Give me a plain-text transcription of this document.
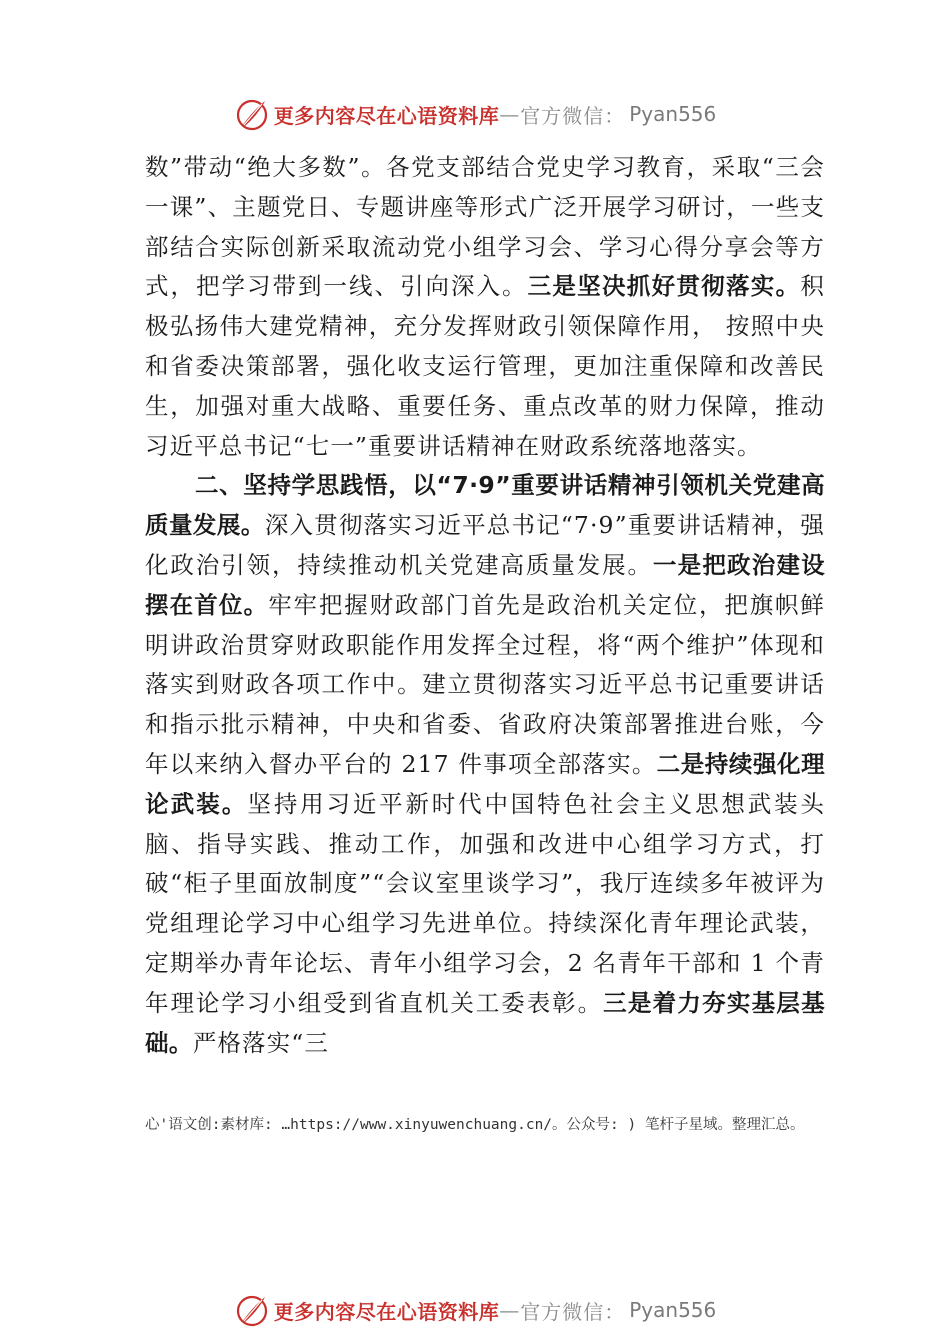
更多内容尽在心语资料库 — 官方微信： Pyan556

数”带动“绝大多数”。各党支部结合党史学习教育，采取“三会一课”、主题党日、专题讲座等形式广泛开展学习研讨，一些支部结合实际创新采取流动党小组学习会、学习心得分享会等方式，把学习带到一线、引向深入。三是坚决抓好贯彻落实。积极弘扬伟大建党精神，充分发挥财政引领保障作用， 按照中央和省委决策部署，强化收支运行管理，更加注重保障和改善民生，加强对重大战略、重要任务、重点改革的财力保障，推动习近平总书记“七一”重要讲话精神在财政系统落地落实。

二、坚持学思践悟，以“7·9”重要讲话精神引领机关党建高质量发展。深入贯彻落实习近平总书记“7·9”重要讲话精神，强化政治引领，持续推动机关党建高质量发展。一是把政治建设摆在首位。牢牢把握财政部门首先是政治机关定位，把旗帜鲜明讲政治贯穿财政职能作用发挥全过程，将“两个维护”体现和落实到财政各项工作中。建立贯彻落实习近平总书记重要讲话和指示批示精神，中央和省委、省政府决策部署推进台账，今年以来纳入督办平台的 217 件事项全部落实。二是持续强化理论武装。坚持用习近平新时代中国特色社会主义思想武装头脑、指导实践、推动工作，加强和改进中心组学习方式，打破“柜子里面放制度”“会议室里谈学习”，我厅连续多年被评为党组理论学习中心组学习先进单位。持续深化青年理论武装，定期举办青年论坛、青年小组学习会，2 名青年干部和 1 个青年理论学习小组受到省直机关工委表彰。三是着力夯实基层基础。严格落实“三

心'语文创:素材库: …https://www.xinyuwenchuang.cn/。公众号: ) 笔杆子星域。整理汇总。
更多内容尽在心语资料库 — 官方微信： Pyan556
